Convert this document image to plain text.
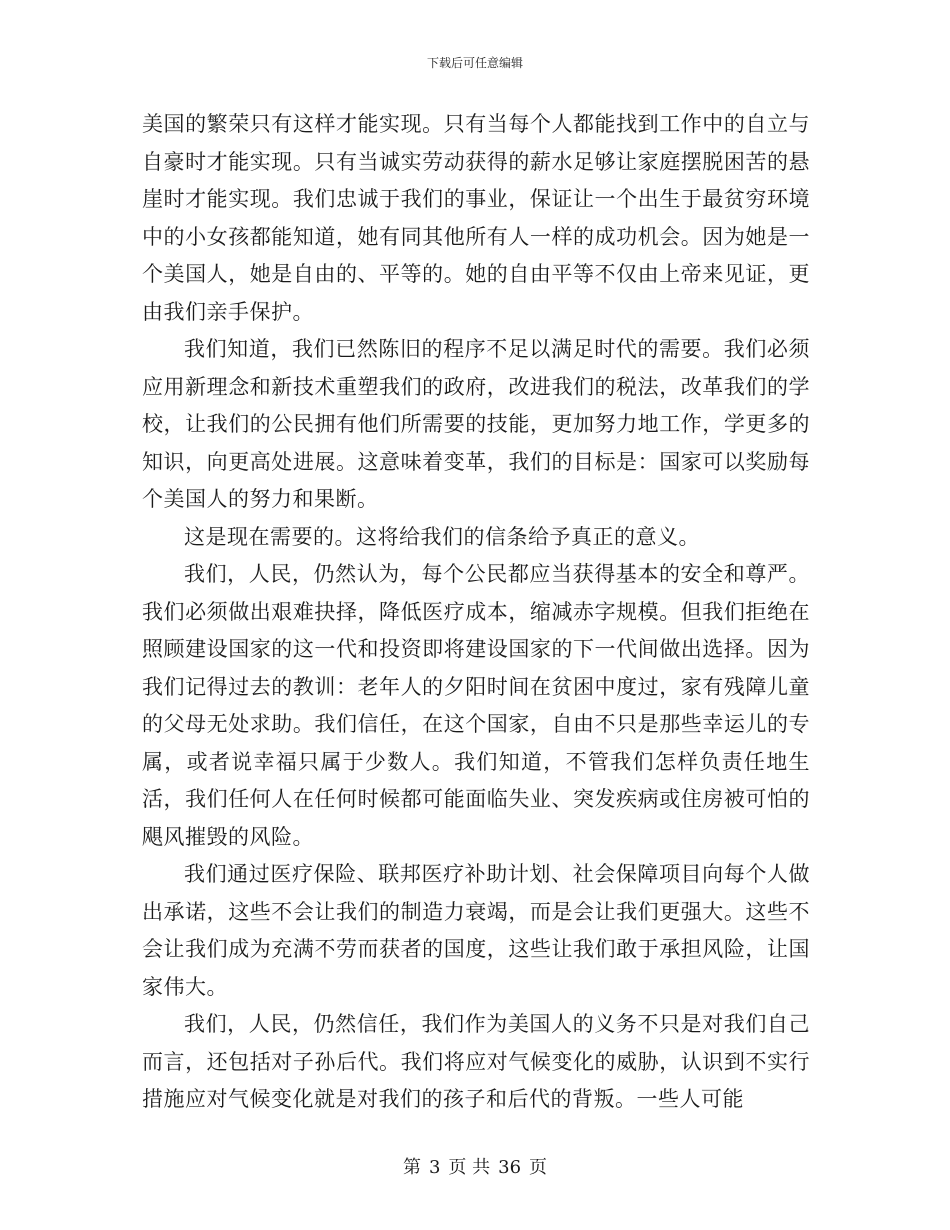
下载后可任意编辑

美国的繁荣只有这样才能实现。只有当每个人都能找到工作中的自立与自豪时才能实现。只有当诚实劳动获得的薪水足够让家庭摆脱困苦的悬崖时才能实现。我们忠诚于我们的事业，保证让一个出生于最贫穷环境中的小女孩都能知道，她有同其他所有人一样的成功机会。因为她是一个美国人，她是自由的、平等的。她的自由平等不仅由上帝来见证，更由我们亲手保护。

我们知道，我们已然陈旧的程序不足以满足时代的需要。我们必须应用新理念和新技术重塑我们的政府，改进我们的税法，改革我们的学校，让我们的公民拥有他们所需要的技能，更加努力地工作，学更多的知识，向更高处进展。这意味着变革，我们的目标是：国家可以奖励每个美国人的努力和果断。

这是现在需要的。这将给我们的信条给予真正的意义。

我们，人民，仍然认为，每个公民都应当获得基本的安全和尊严。我们必须做出艰难抉择，降低医疗成本，缩减赤字规模。但我们拒绝在照顾建设国家的这一代和投资即将建设国家的下一代间做出选择。因为我们记得过去的教训：老年人的夕阳时间在贫困中度过，家有残障儿童的父母无处求助。我们信任，在这个国家，自由不只是那些幸运儿的专属，或者说幸福只属于少数人。我们知道，不管我们怎样负责任地生活，我们任何人在任何时候都可能面临失业、突发疾病或住房被可怕的飓风摧毁的风险。

我们通过医疗保险、联邦医疗补助计划、社会保障项目向每个人做出承诺，这些不会让我们的制造力衰竭，而是会让我们更强大。这些不会让我们成为充满不劳而获者的国度，这些让我们敢于承担风险，让国家伟大。

我们，人民，仍然信任，我们作为美国人的义务不只是对我们自己而言，还包括对子孙后代。我们将应对气候变化的威胁，认识到不实行措施应对气候变化就是对我们的孩子和后代的背叛。一些人可能

第 3 页 共 36 页
